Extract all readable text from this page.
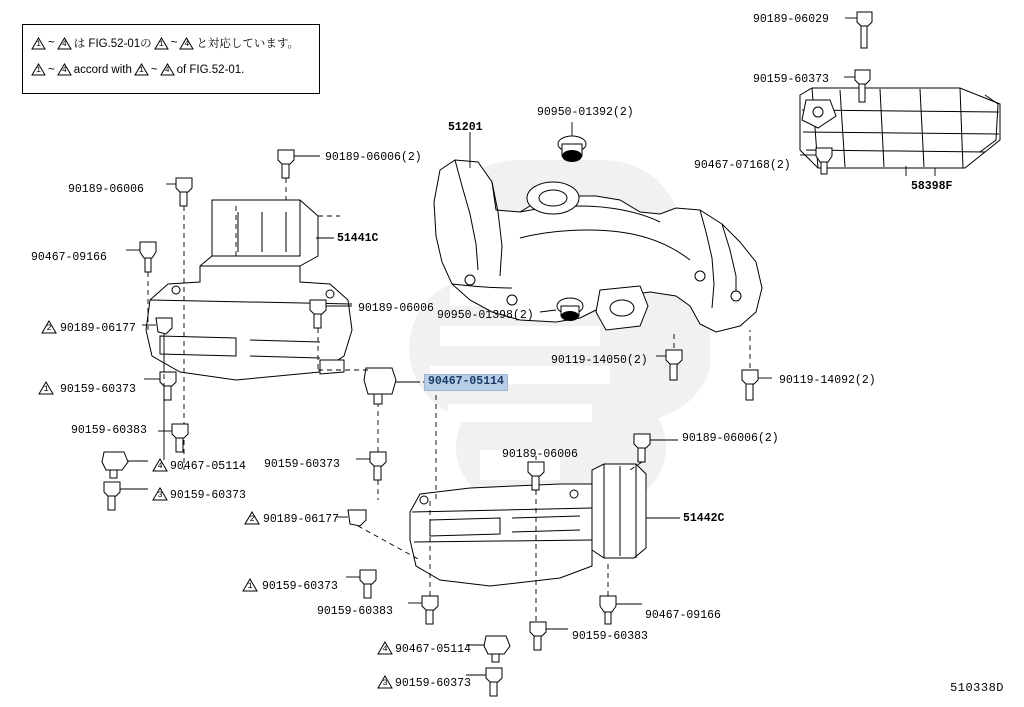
1 ~ 4 は FIG.52-01の 1 ~ 4 と対応しています。
1 ~ 4 accord with 1 ~ 4 of FIG.52-01.
2
1
4
3
2
1
4
3
90189-06029
90159-60373
90467-07168(2)
58398F
90950-01392(2)
51201
90189-06006(2)
90189-06006
51441C
90467-09166
90189-06177
90189-06006
90950-01398(2)
90119-14050(2)
90119-14092(2)
90159-60373
90159-60383
90467-05114
90159-60373
90159-60373
90189-06006
90189-06006(2)
90189-06177	51442C
90159-60373
90159-60383	90467-09166
90159-60383
90467-05114
90159-60373
90467-05114
510338D
